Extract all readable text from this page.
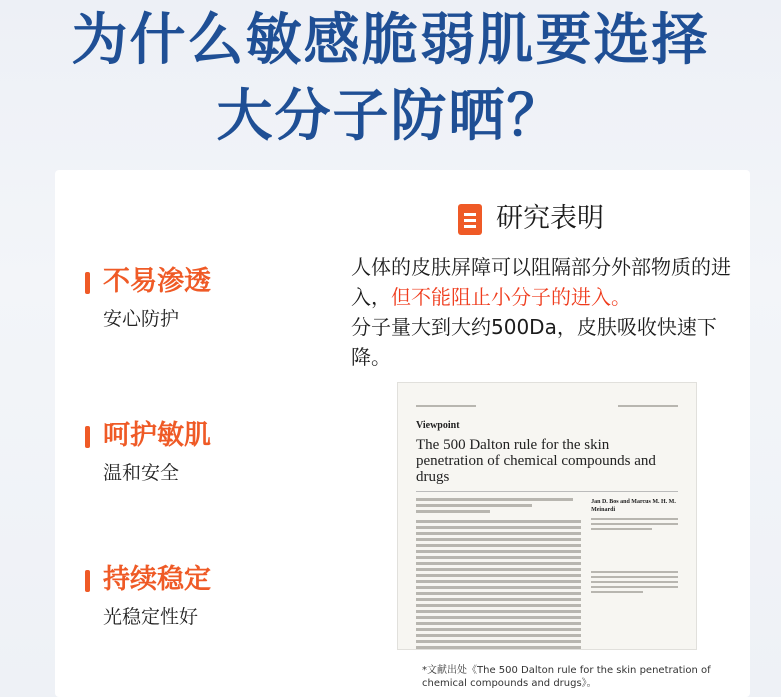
为什么敏感脆弱肌要选择
大分子防晒？
不易渗透
安心防护
呵护敏肌
温和安全
持续稳定
光稳定性好
研究表明
人体的皮肤屏障可以阻隔部分外部物质的进入，但不能阻止小分子的进入。
分子量大到大约500Da，皮肤吸收快速下降。
Viewpoint
The 500 Dalton rule for the skin penetration of chemical compounds and drugs
Jan D. Bos and Marcus M. H. M. Meinardi
*文献出处《The 500 Dalton rule for the skin penetration of chemical compounds and drugs》。
